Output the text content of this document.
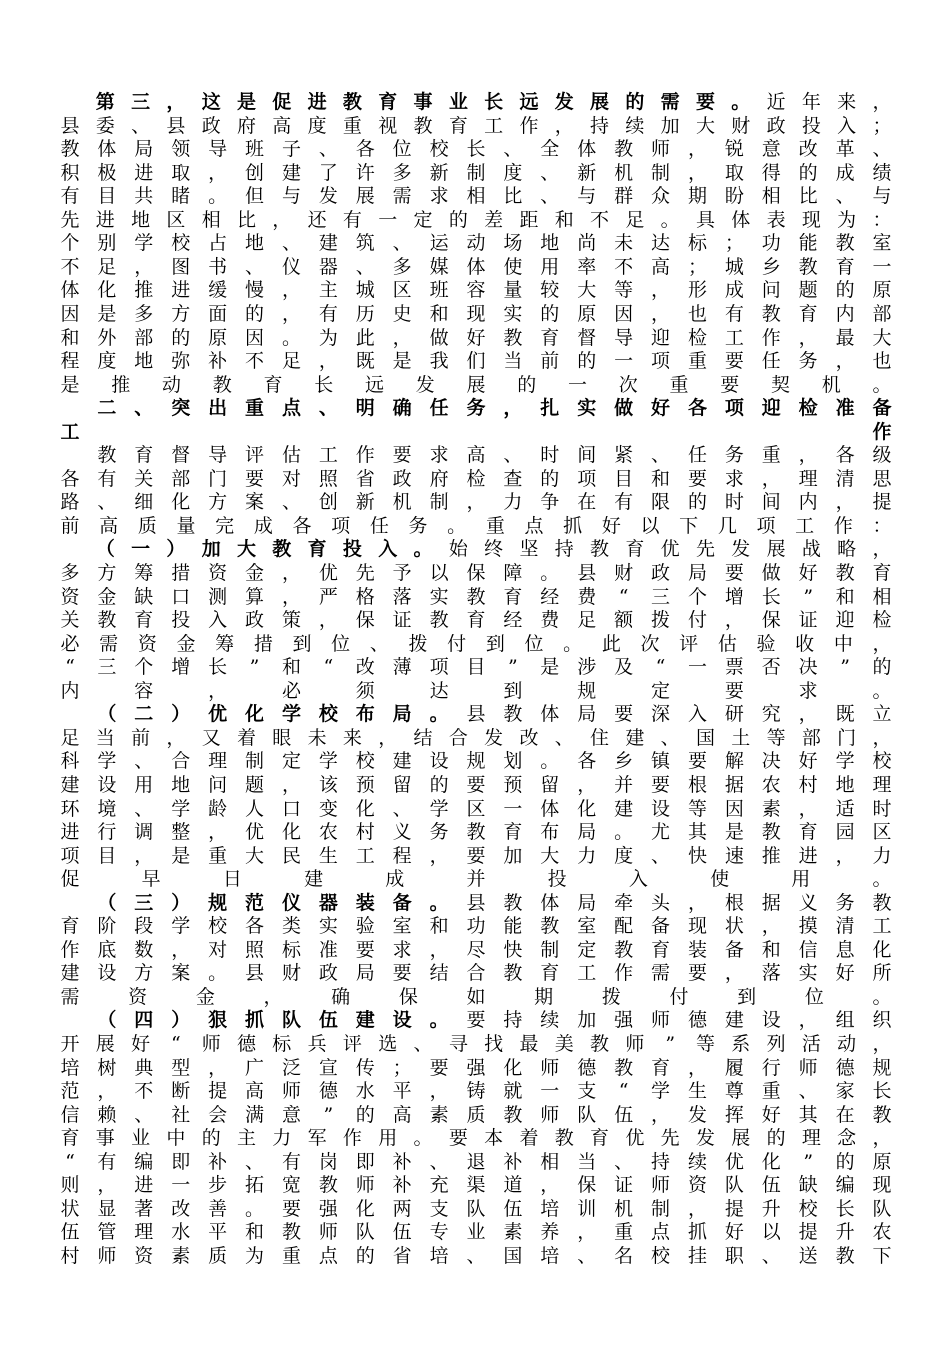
第 三 ， 这 是 促 进 教 育 事 业 长 远 发 展 的 需 要 。 近 年 来 ，
县 委 、 县 政 府 高 度 重 视 教 育 工 作 ， 持 续 加 大 财 政 投 入 ；
教 体 局 领 导 班 子 、 各 位 校 长 、 全 体 教 师 ， 锐 意 改 革 、
积 极 进 取 ， 创 建 了 许 多 新 制 度 、 新 机 制 ， 取 得 的 成 绩
有 目 共 睹 。 但 与 发 展 需 求 相 比 、 与 群 众 期 盼 相 比 、 与
先 进 地 区 相 比 ， 还 有 一 定 的 差 距 和 不 足 。 具 体 表 现 为 ：
个 别 学 校 占 地 、 建 筑 、 运 动 场 地 尚 未 达 标 ； 功 能 教 室
不 足 ， 图 书 、 仪 器 、 多 媒 体 使 用 率 不 高 ； 城 乡 教 育 一
体 化 推 进 缓 慢 ， 主 城 区 班 容 量 较 大 等 ， 形 成 问 题 的 原
因 是 多 方 面 的 ， 有 历 史 和 现 实 的 原 因 ， 也 有 教 育 内 部
和 外 部 的 原 因 。 为 此 ， 做 好 教 育 督 导 迎 检 工 作 ， 最 大
程 度 地 弥 补 不 足 ， 既 是 我 们 当 前 的 一 项 重 要 任 务 ， 也
是 推 动 教 育 长 远 发 展 的 一 次 重 要 契 机 。
二 、 突 出 重 点 、 明 确 任 务 ， 扎 实 做 好 各 项 迎 检 准 备
工	作
教 育 督 导 评 估 工 作 要 求 高 、 时 间 紧 、 任 务 重 ， 各 级
各 有 关 部 门 要 对 照 省 政 府 检 查 的 项 目 和 要 求 ， 理 清 思
路 、 细 化 方 案 、 创 新 机 制 ， 力 争 在 有 限 的 时 间 内 ， 提
前 高 质 量 完 成 各 项 任 务 。 重 点 抓 好 以 下 几 项 工 作 ：
（ 一 ） 加 大 教 育 投 入 。 始 终 坚 持 教 育 优 先 发 展 战 略 ，
多 方 筹 措 资 金 ， 优 先 予 以 保 障 。 县 财 政 局 要 做 好 教 育
资 金 缺 口 测 算 ， 严 格 落 实 教 育 经 费	“	三 个 增 长	”	和 相
关 教 育 投 入 政 策 ， 保 证 教 育 经 费 足 额 拨 付 ， 保 证 迎 检
必 需 资 金 筹 措 到 位 、 拨 付 到 位 。 此 次 评 估 验 收 中 ，
“	三 个 增 长	”	和	“	改 薄 项 目	”	是 涉 及	“	一 票 否 决	”	的
内	容	，	必	须	达	到	规	定	要	求	。
（ 二 ） 优 化 学 校 布 局 。 县 教 体 局 要 深 入 研 究 ， 既 立
足 当 前 ， 又 着 眼 未 来 ， 结 合 发 改 、 住 建 、 国 土 等 部 门 ，
科 学 、 合 理 制 定 学 校 建 设 规 划 。 各 乡 镇 要 解 决 好 学 校
建 设 用 地 问 题 ， 该 预 留 的 要 预 留 ， 并 要 根 据 农 村 地 理
环 境 、 学 龄 人 口 变 化 、 学 区 一 体 化 建 设 等 因 素 ， 适 时
进 行 调 整 ， 优 化 农 村 义 务 教 育 布 局 。 尤 其 是 教 育 园 区
项 目 ， 是 重 大 民 生 工 程 ， 要 加 大 力 度 、 快 速 推 进 ， 力
促	早	日	建	成	并	投	入	使	用	。
（ 三 ） 规 范 仪 器 装 备 。 县 教 体 局 牵 头 ， 根 据 义 务 教
育 阶 段 学 校 各 类 实 验 室 和 功 能 教 室 配 备 现 状 ， 摸 清 工
作 底 数 ， 对 照 标 准 要 求 ， 尽 快 制 定 教 育 装 备 和 信 息 化
建 设 方 案 。 县 财 政 局 要 结 合 教 育 工 作 需 要 ， 落 实 好 所
需	资	金	，	确	保	如	期	拨	付	到	位	。
（ 四 ） 狠 抓 队 伍 建 设 。 要 持 续 加 强 师 德 建 设 ， 组 织
开 展 好	“	师 德 标 兵 评 选 、 寻 找 最 美 教 师	”	等 系 列 活 动 ，
培 树 典 型 ， 广 泛 宣 传 ； 要 强 化 师 德 教 育 ， 履 行 师 德 规
范 ， 不 断 提 高 师 德 水 平 ， 铸 就 一 支	“	学 生 尊 重 、 家 长
信 赖 、 社 会 满 意	”	的 高 素 质 教 师 队 伍 ， 发 挥 好 其 在 教
育 事 业 中 的 主 力 军 作 用 。 要 本 着 教 育 优 先 发 展 的 理 念 ，
“	有 编 即 补 、 有 岗 即 补 、 退 补 相 当 、 持 续 优 化	”	的 原
则 ， 进 一 步 拓 宽 教 师 补 充 渠 道 ， 保 证 师 资 队 伍 缺 编 现
状 显 著 改 善 。 要 强 化 两 支 队 伍 培 训 机 制 ， 提 升 校 长 队
伍 管 理 水 平 和 教 师 队 伍 专 业 素 养 ， 重 点 抓 好 以 提 升 农
村 师 资 素 质 为 重 点 的 省 培 、 国 培 、 名 校 挂 职 、 送 教 下
